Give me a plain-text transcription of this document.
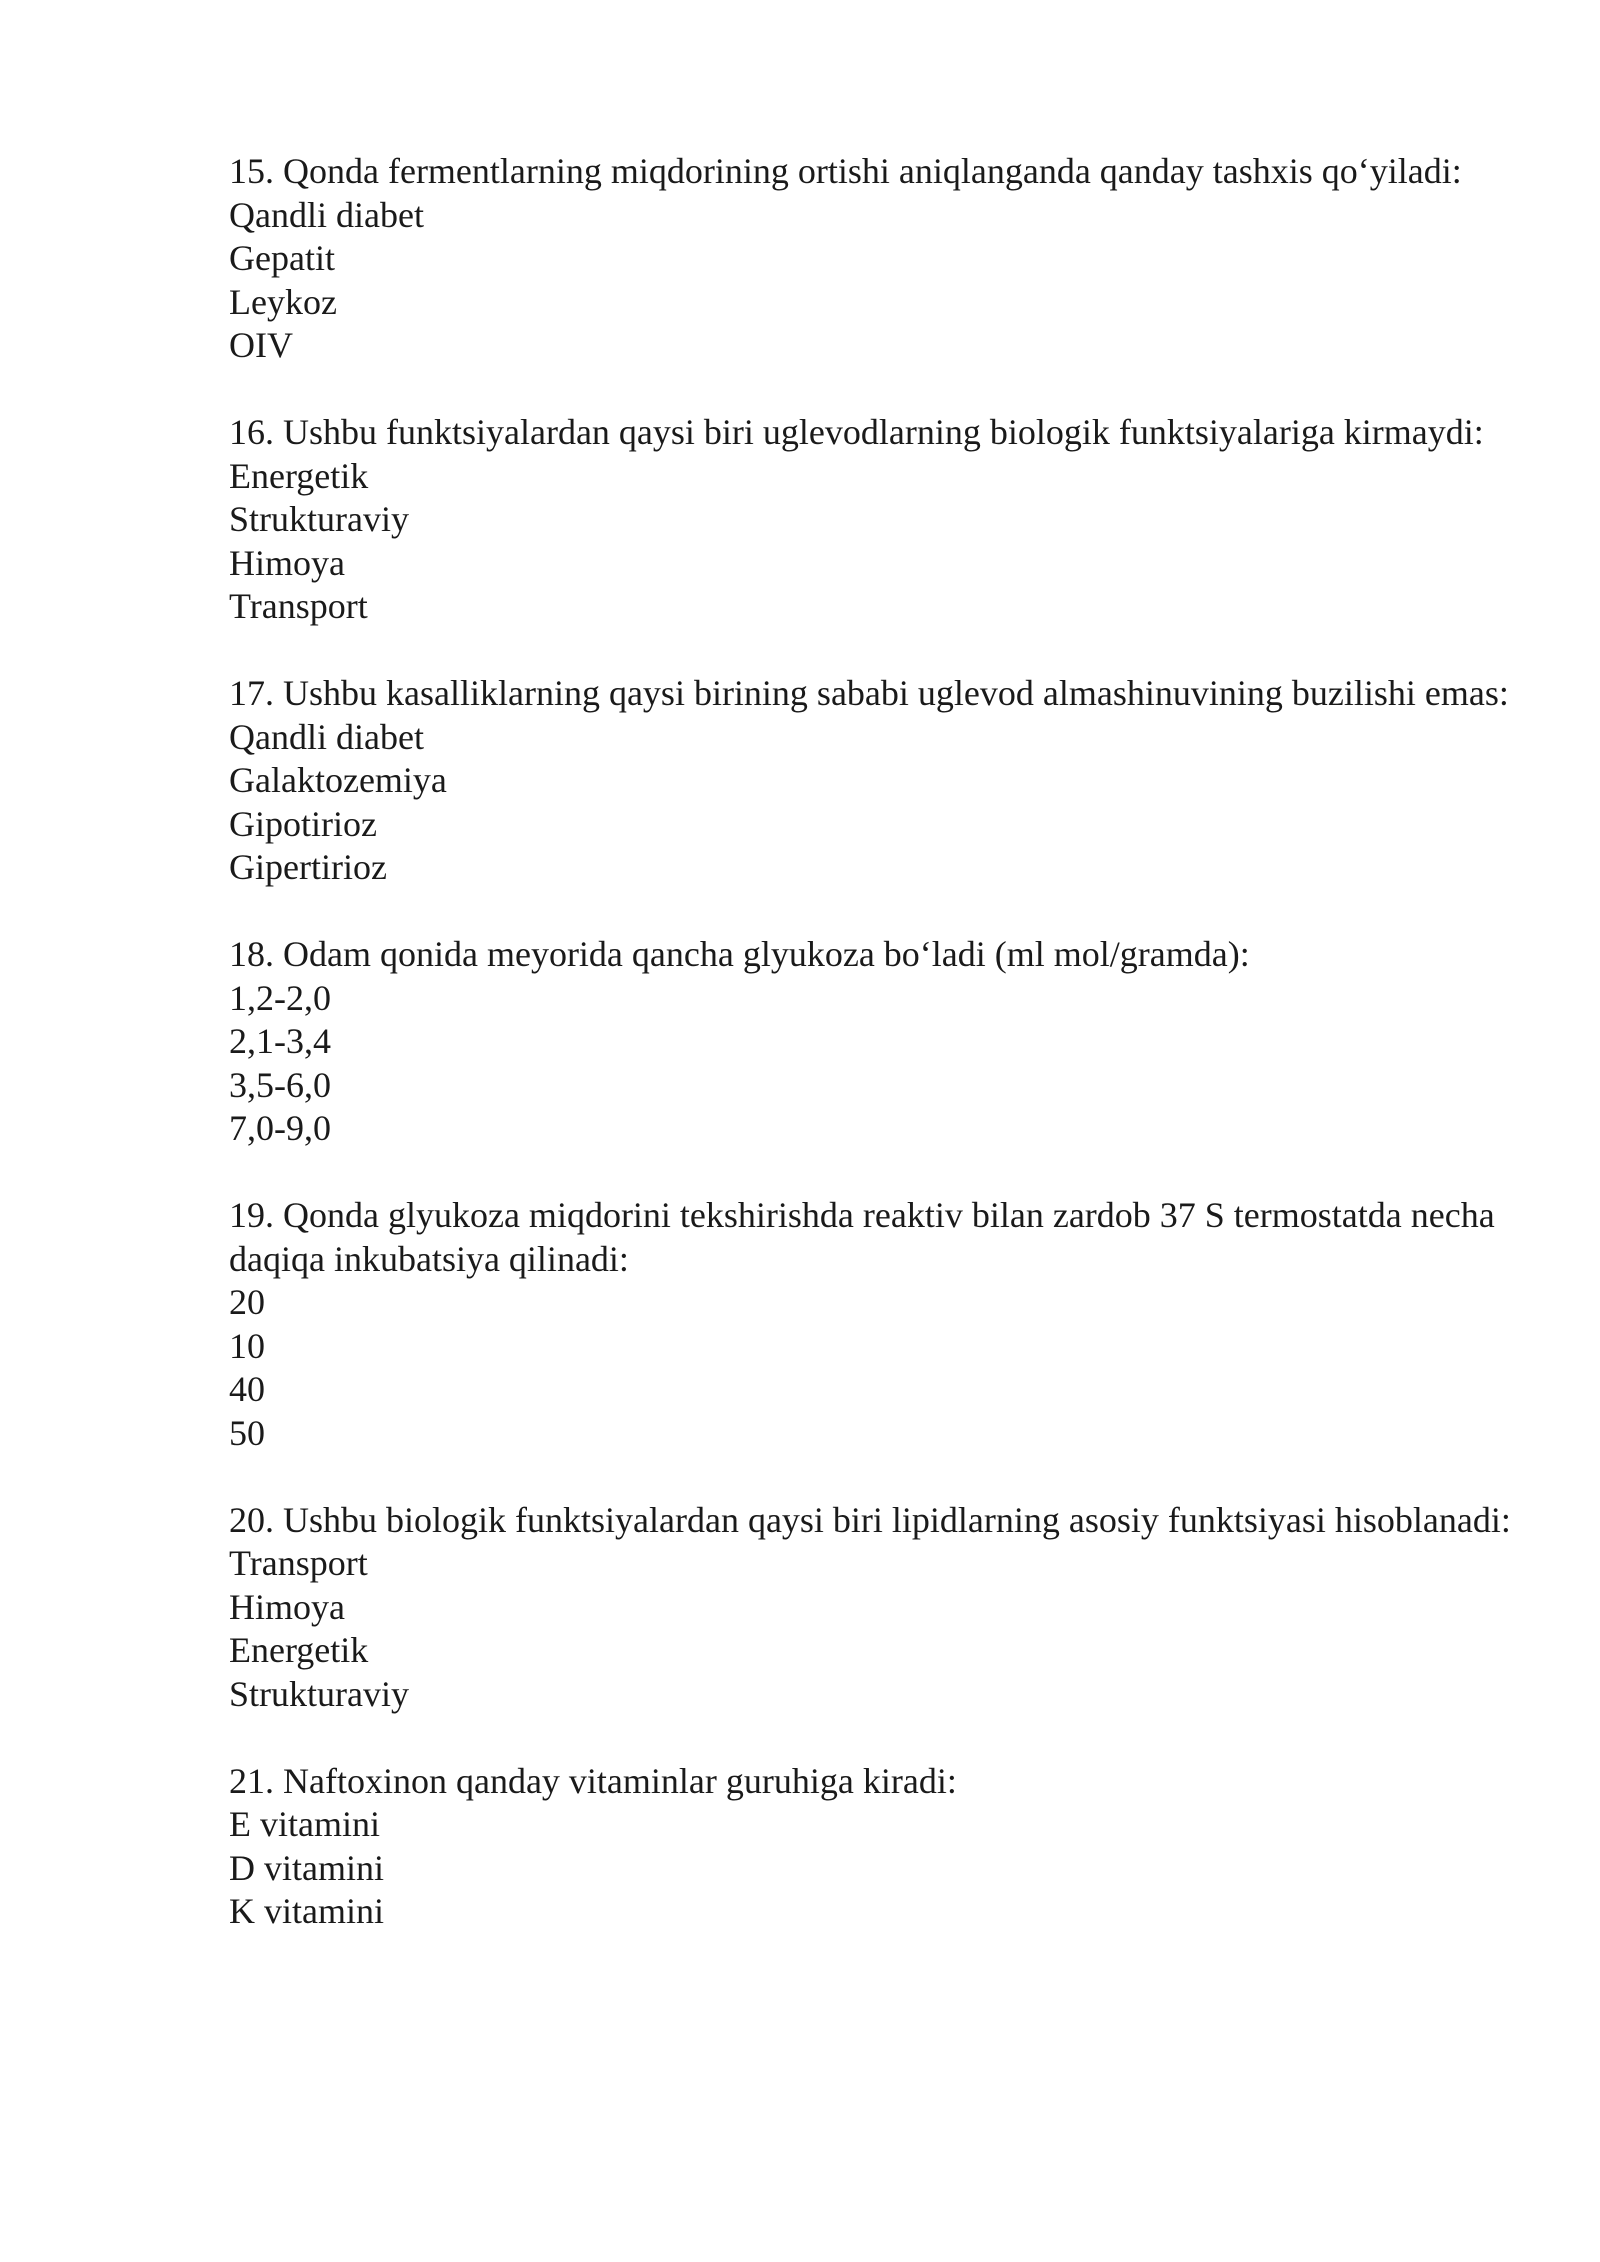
15. Qonda fermentlarning miqdorining ortishi aniqlanganda qanday tashxis qo‘yiladi:
Qandli diabet
Gepatit
Leykoz
OIV
16. Ushbu funktsiyalardan qaysi biri uglevodlarning biologik funktsiyalariga kirmaydi:
Energetik
Strukturaviy
Himoya
Transport
17. Ushbu kasalliklarning qaysi birining sababi uglevod almashinuvining buzilishi emas:
Qandli diabet
Galaktozemiya
Gipotirioz
Gipertirioz
18. Odam qonida meyorida qancha glyukoza bo‘ladi (ml mol/gramda):
1,2-2,0
2,1-3,4
3,5-6,0
7,0-9,0
19. Qonda glyukoza miqdorini tekshirishda reaktiv bilan zardob 37 S termostatda necha daqiqa inkubatsiya qilinadi:
20
10
40
50
20. Ushbu biologik funktsiyalardan qaysi biri lipidlarning asosiy funktsiyasi hisoblanadi:
Transport
Himoya
Energetik
Strukturaviy
21. Naftoxinon qanday vitaminlar guruhiga kiradi:
E vitamini
D vitamini
K vitamini
